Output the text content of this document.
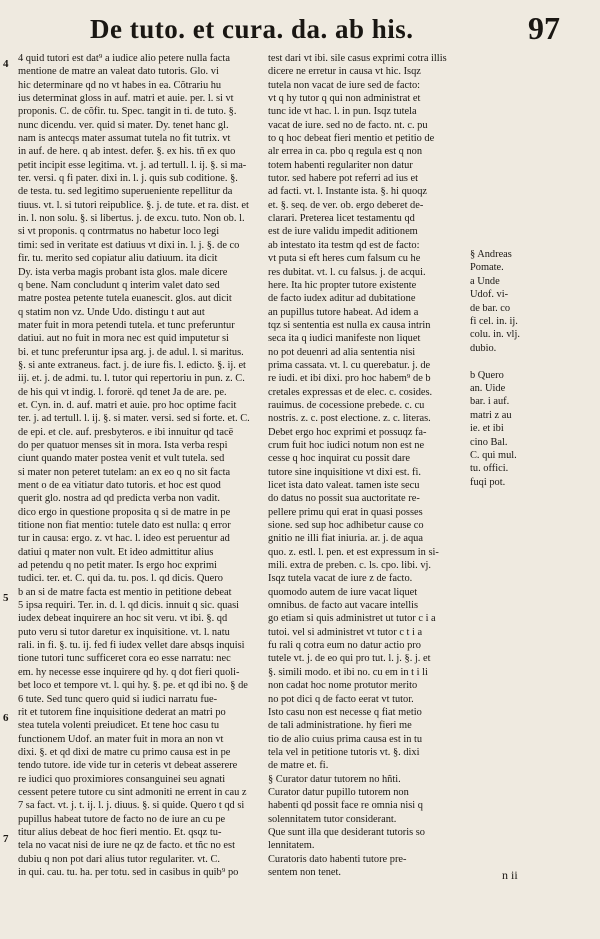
De tuto. et cura. da. ab his.	97
4 quid tutori est dat⁹ a iudice alio petere nulla facta
mentione de matre an valeat dato tutoris. Glo. vi
hic determinare qd no vt habes in ea. Cõtrariu hu
ius determinat gloss in auf. matri et auie. per. l. si vt
proponis. C. de cõfir. tu. Spec. tangit in ti. de tuto. §.
nunc dicendu. ver. quid si mater. Dy. tenet hanc gl.
nam is antecqs mater assumat tutela no fit tutrix. vt
in auf. de here. q ab intest. defer. §. ex his. tñ ex quo
petit incipit esse legitima. vt. j. ad tertull. l. ij. §. si ma-
ter. versi. q fi pater. dixi in. l. j. quis sub coditione. §.
de testa. tu. sed legitimo superueniente repellitur da
tiuus. vt. l. si tutori reipublice. §. j. de tute. et ra. dist. et
in. l. non solu. §. si libertus. j. de excu. tuto. Non ob. l.
si vt proponis. q contrmatus no habetur loco legi
timi: sed in veritate est datiuus vt dixi in. l. j. §. de co
fir. tu. merito sed copiatur aliu datiuum. ita dicit
Dy. ista verba magis probant ista glos. male dicere
q bene. Nam concludunt q interim valet dato sed
matre postea petente tutela euanescit. glos. aut dicit
q statim non vz. Unde Udo. distingu t aut aut
mater fuit in mora petendi tutela. et tunc preferuntur
datiui. aut no fuit in mora nec est quid imputetur si
bi. et tunc preferuntur ipsa arg. j. de adul. l. si maritus.
§. si ante extraneus. fact. j. de iure fis. l. edicto. §. ij. et
iij. et. j. de admi. tu. l. tutor qui repertoriu in pun. z. C.
de his qui vt indig. l. fororë. qd tenet Ja de are. pe.
et. Cyn. in. d. auf. matri et auie. pro hoc optime facit
ter. j. ad tertull. l. ij. §. si mater. versi. sed si forte. et. C.
de epi. et cle. auf. presbyteros. e ibi innuitur qd tacë
do per quatuor menses sit in mora. Ista verba respi
ciunt quando mater postea venit et vult tutela. sed
si mater non peteret tutelam: an ex eo q no sit facta
ment o de ea vitiatur dato tutoris. et hoc est quod
querit glo. nostra ad qd predicta verba non vadit.
dico ergo in questione proposita q si de matre in pe
titione non fiat mentio: tutele dato est nulla: q error
tur in causa: ergo. z. vt hac. l. ideo est peruentur ad
datiui q mater non vult. Et ideo admittitur alius
ad petendu q no petit mater. Is ergo hoc exprimi
tudici. ter. et. C. qui da. tu. pos. l. qd dicis. Quero
b an si de matre facta est mentio in petitione debeat
5 ipsa requiri. Ter. in. d. l. qd dicis. innuit q sic. quasi
iudex debeat inquirere an hoc sit veru. vt ibi. §. qd
puto veru si tutor daretur ex inquisitione. vt. l. natu
rali. in fi. §. tu. ij. fed fi iudex vellet dare absqs inquisi
tione tutori tunc sufficeret cora eo esse narratu: nec
em. hy necesse esse inquirere qd hy. q dot fieri quoli-
bet loco et tempore vt. l. qui hy. §. pe. et qd ibi no. § de
6 tute. Sed tunc quero quid si iudici narratu fue-
rit et tutorem fine inquisitione dederat an matri po
stea tutela volenti preiudicet. Et tene hoc casu tu
functionem Udof. an mater fuit in mora an non vt
dixi. §. et qd dixi de matre cu primo causa est in pe
tendo tutore. ide vide tur in ceteris vt debeat asserere
re iudici quo proximiores consanguinei seu agnati
cessent petere tutore cu sint admoniti ne errent in cau z
7 sa fact. vt. j. t. ij. l. j. diuus. §. si quide. Quero t qd si
pupillus habeat tutore de facto no de iure an cu pe
titur alius debeat de hoc fieri mentio. Et. qsqz tu-
tela no vacat nisi de iure ne qz de facto. et tñc no est
dubiu q non pot dari alius tutor regulariter. vt. C.
in qui. cau. tu. ha. per totu. sed in casibus in quib⁹ po
test dari vt ibi. sile casus exprimi cotra illis
dicere ne erretur in causa vt hic. Isqz
tutela non vacat de iure sed de facto:
vt q hy tutor q qui non administrat et
tunc ide vt hac. l. in pun. Isqz tutela
vacat de iure. sed no de facto. nt. c. pu
to q hoc debeat fieri mentio et petitio de
alr errea in ca. pbo q regula est q non
totem habenti regulariter non datur
tutor. sed habere pot referri ad ius et
ad facti. vt. l. Instante ista. §. hi quoqz
et. §. seq. de ver. ob. ergo deberet de-
clarari. Preterea licet testamentu qd
est de iure validu impedit aditionem
ab intestato ita testm qd est de facto:
vt puta si eft heres cum falsum cu he
res dubitat. vt. l. cu falsus. j. de acqui.
here. Ita hic propter tutore existente
de facto iudex aditur ad dubitatione
an pupillus tutore habeat. Ad idem a
tqz si sententia est nulla ex causa intrin
seca ita q iudici manifeste non liquet
no pot deuenri ad alia sententia nisi
prima cassata. vt. l. cu querebatur. j. de
re iudi. et ibi dixi. pro hoc habem⁹ de b
cretales expressas et de elec. c. cosides.
rauimus. de cocessione prebede. c. cu
nostris. z. c. post electione. z. c. literas.
Debet ergo hoc exprimi et possuqz fa-
crum fuit hoc iudici notum non est ne
cesse q hoc inquirat cu possit dare
tutore sine inquisitione vt dixi est. fi.
licet ista dato valeat. tamen iste secu
do datus no possit sua auctoritate re-
pellere primu qui erat in quasi posses
sione. sed sup hoc adhibetur cause co
gnitio ne illi fiat iniuria. ar. j. de aqua
quo. z. estl. l. pen. et est expressum in si-
mili. extra de preben. c. ls. cpo. libi. vj.
Isqz tutela vacat de iure z de facto.
quomodo autem de iure vacat liquet
omnibus. de facto aut vacare intellis
go etiam si quis administret ut tutor c i a
tutoi. vel si administret vt tutor c t i a
fu rali q cotra eum no datur actio pro
tutele vt. j. de eo qui pro tut. l. j. §. j. et
§. simili modo. et ibi no. cu em in t i li
non cadat hoc nome protutor merito
no pot dici q de facto eerat vt tutor.
Isto casu non est necesse q fiat metio
de tali administratione. hy fieri me
tio de alio cuius prima causa est in tu
tela vel in petitione tutoris vt. §. dixi
de matre et. fi.
§ Curator datur tutorem no hñti.
Curator datur pupillo tutorem non
habenti qd possit face re omnia nisi q
solennitatem tutor considerant.
Que sunt illa que desiderant tutoris so
lennitatem.
Curatoris dato habenti tutore pre-
sentem non tenet.
§ Andreas
Pomate.
a Unde
Udof. vi-
de bar. co
fi cel. in. ij.
colu. in. vlj.
dubio.
b Quero
an. Uide
bar. i auf.
matri z au
ie. et ibi
cino Bal.
C. qui mul.
tu. offici.
fuqi pot.
4
5
6
7
n ii
